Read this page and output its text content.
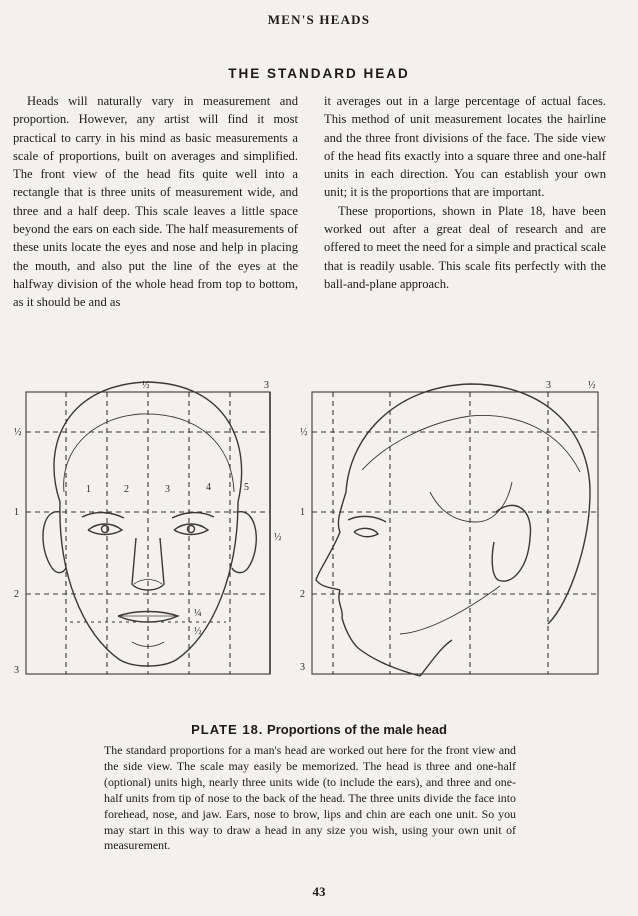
MEN'S HEADS
THE STANDARD HEAD

Heads will naturally vary in measurement and proportion. However, any artist will find it most practical to carry in his mind as basic measurements a scale of proportions, built on averages and simplified. The front view of the head fits quite well into a rectangle that is three units of measurement wide, and three and a half deep. This scale leaves a little space beyond the ears on each side. The half measurements of these units locate the eyes and nose and help in placing the mouth, and also put the line of the eyes at the halfway division of the whole head from top to bottom, as it should be and as

it averages out in a large percentage of actual faces. This method of unit measurement locates the hairline and the three front divisions of the face. The side view of the head fits exactly into a square three and one-half units in each direction. You can establish your own unit; it is the proportions that are important.

These proportions, shown in Plate 18, have been worked out after a great deal of research and are offered to meet the need for a simple and practical scale that is readily usable. This scale fits perfectly with the ball-and-plane approach.

½	3
½
1
2
3
½
1	2	3	4	5
¼
½
3	½
½
1
2
3
PLATE 18. Proportions of the male head
The standard proportions for a man's head are worked out here for the front view and the side view. The scale may easily be memorized. The head is three and one-half (optional) units high, nearly three units wide (to include the ears), and three and one-half units from tip of nose to the back of the head. The three units divide the face into forehead, nose, and jaw. Ears, nose to brow, lips and chin are each one unit. So you may start in this way to draw a head in any size you wish, using your own unit of measurement.
43
